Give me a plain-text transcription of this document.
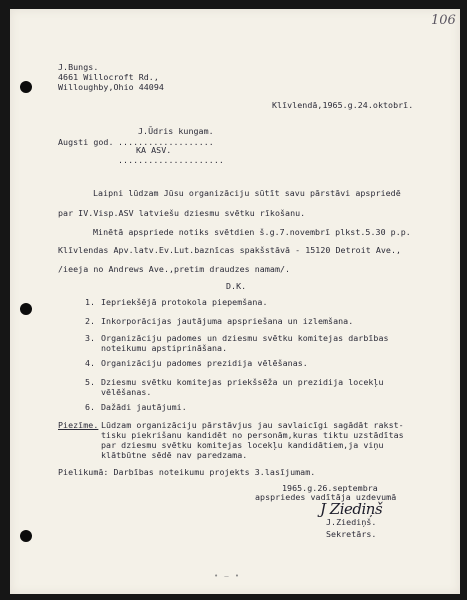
106
J.Bungs.
4661 Willocroft Rd.,
Willoughby,Ohio 44094
Klīvlendā,1965.g.24.oktobrī.
J.Ūdris kungam.
Augsti god. ...................
KA ASV.
.....................
Laipni lūdzam Jūsu organizāciju sūtīt savu pārstāvi apspriedē
par IV.Visp.ASV latviešu dziesmu svētku rīkošanu.
Minētā apspriede notiks svētdien š.g.7.novembrī plkst.5.30 p.p.
Klīvlendas Apv.latv.Ev.Lut.baznīcas spakšstāvā - 15120 Detroit Ave.,
/ieeja no Andrews Ave.,pretim draudzes namam/.
D.K.
1. Iepriekšējā protokola piepemšana.
2. Inkorporācijas jautājuma apspriešana un izlemšana.
3. Organizāciju padomes un dziesmu svētku komitejas darbības
noteikumu apstiprināšana.
4. Organizāciju padomes prezidija vēlēšanas.
5. Dziesmu svētku komitejas priekšsēža un prezidija locekļu
vēlēšanas.
6. Dažādi jautājumi.
Piezīme. Lūdzam organizāciju pārstāvjus jau savlaicīgi sagādāt rakst-
tisku piekrišanu kandidēt no personām,kuras tiktu uzstādītas
par dziesmu svētku komitejas locekļu kandidātiem,ja viņu
klātbūtne sēdē nav paredzama.
Pielikumā: Darbības noteikumu projekts 3.lasījumam.
1965.g.26.septembra
apspriedes vadītāja uzdevumā
J Ziediņš
J.Ziediņš.
Sekretārs.
• — •
